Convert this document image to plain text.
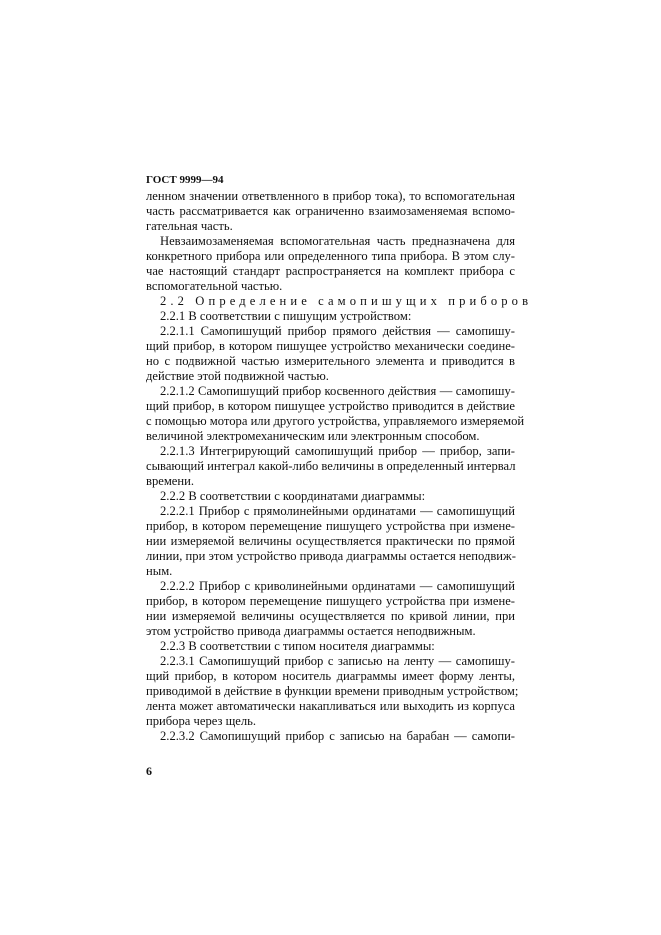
ГОСТ 9999—94
ленном значении ответвленного в прибор тока), то вспомогательная
часть рассматривается как ограниченно взаимозаменяемая вспомо-
гательная часть.
Невзаимозаменяемая вспомогательная часть предназначена для
конкретного прибора или определенного типа прибора. В этом слу-
чае настоящий стандарт распространяется на комплект прибора с
вспомогательной частью.
2.2 Определение самопишущих приборов
2.2.1 В соответствии с пишущим устройством:
2.2.1.1 Самопишущий прибор прямого действия — самопишу-
щий прибор, в котором пишущее устройство механически соедине-
но с подвижной частью измерительного элемента и приводится в
действие этой подвижной частью.
2.2.1.2 Самопишущий прибор косвенного действия — самопишу-
щий прибор, в котором пишущее устройство приводится в действие
с помощью мотора или другого устройства, управляемого измеряемой
величиной электромеханическим или электронным способом.
2.2.1.3 Интегрирующий самопишущий прибор — прибор, запи-
сывающий интеграл какой-либо величины в определенный интервал
времени.
2.2.2 В соответствии с координатами диаграммы:
2.2.2.1 Прибор с прямолинейными ординатами — самопишущий
прибор, в котором перемещение пишущего устройства при измене-
нии измеряемой величины осуществляется практически по прямой
линии, при этом устройство привода диаграммы остается неподвиж-
ным.
2.2.2.2 Прибор с криволинейными ординатами — самопишущий
прибор, в котором перемещение пишущего устройства при измене-
нии измеряемой величины осуществляется по кривой линии, при
этом устройство привода диаграммы остается неподвижным.
2.2.3 В соответствии с типом носителя диаграммы:
2.2.3.1 Самопишущий прибор с записью на ленту — самопишу-
щий прибор, в котором носитель диаграммы имеет форму ленты,
приводимой в действие в функции времени приводным устройством;
лента может автоматически накапливаться или выходить из корпуса
прибора через щель.
2.2.3.2 Самопишущий прибор с записью на барабан — самопи-
6
